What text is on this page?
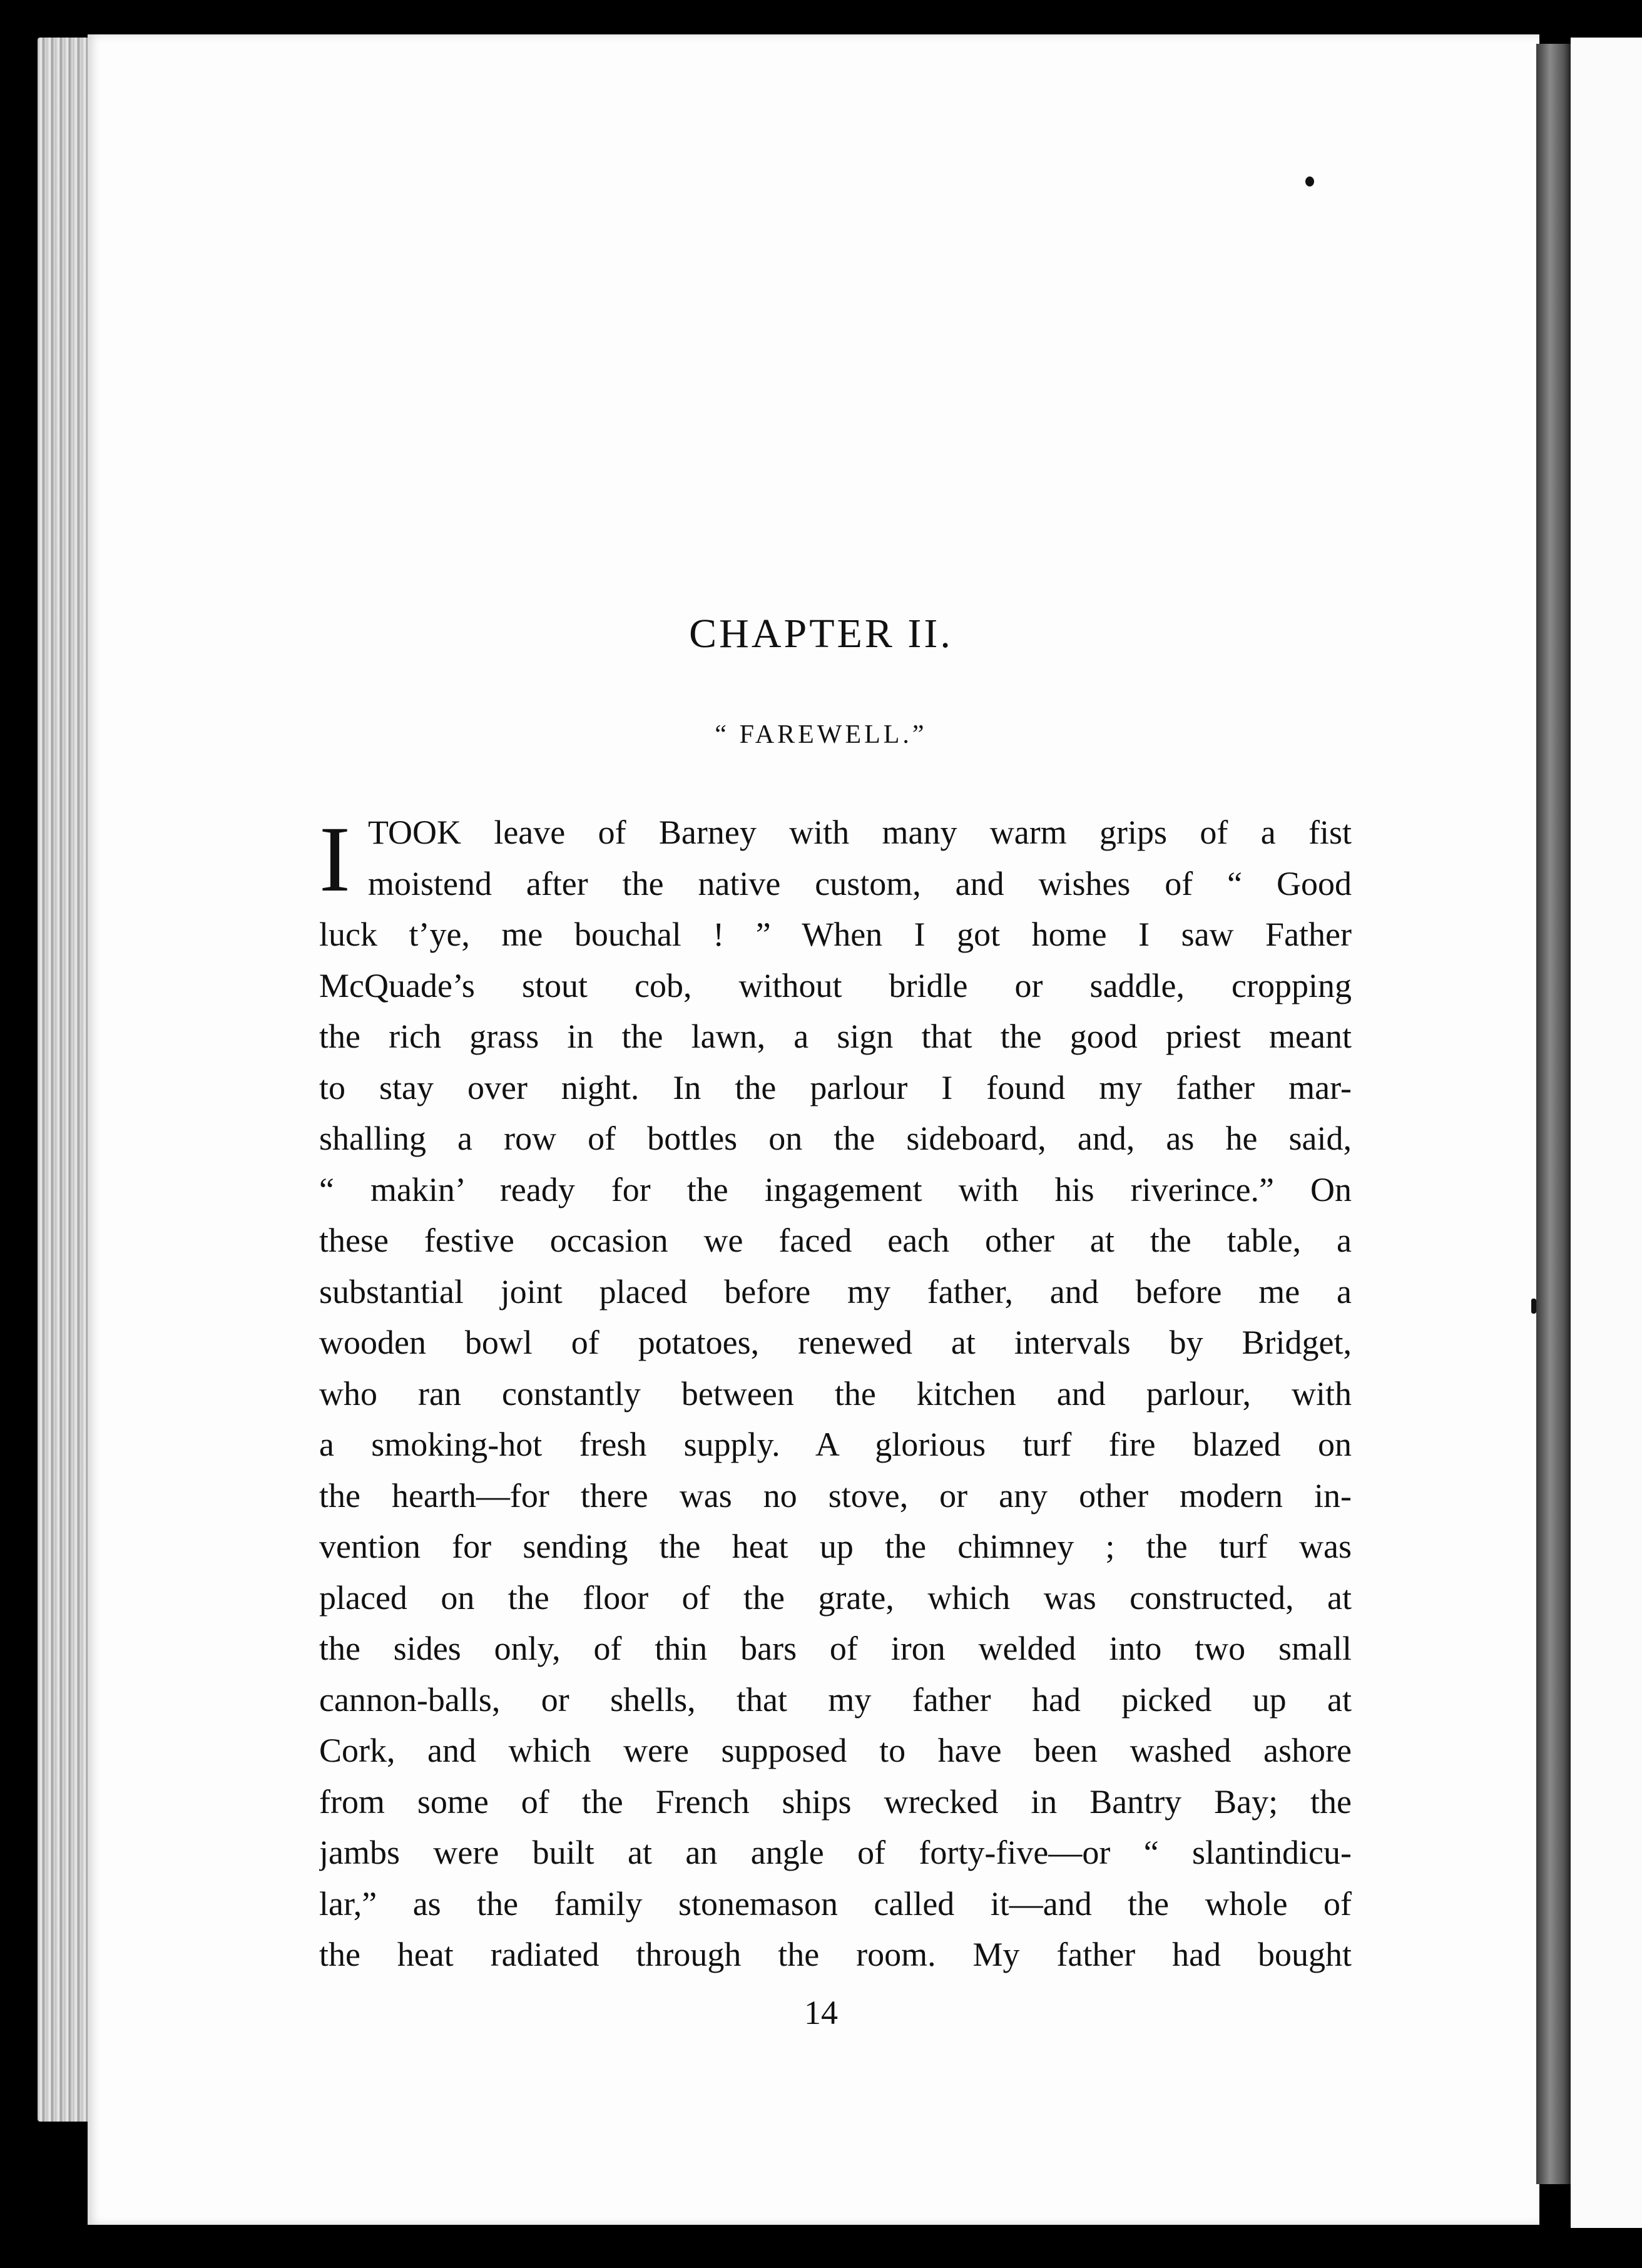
CHAPTER II.
“ FAREWELL.”
I TOOK leave of Barney with many warm grips of a fist
moistend after the native custom, and wishes of “ Good
luck t’ye, me bouchal ! ” When I got home I saw Father
McQuade’s stout cob, without bridle or saddle, cropping
the rich grass in the lawn, a sign that the good priest meant
to stay over night. In the parlour I found my father mar-
shalling a row of bottles on the sideboard, and, as he said,
“ makin’ ready for the ingagement with his riverince.” On
these festive occasion we faced each other at the table, a
substantial joint placed before my father, and before me a
wooden bowl of potatoes, renewed at intervals by Bridget,
who ran constantly between the kitchen and parlour, with
a smoking-hot fresh supply. A glorious turf fire blazed on
the hearth—for there was no stove, or any other modern in-
vention for sending the heat up the chimney ; the turf was
placed on the floor of the grate, which was constructed, at
the sides only, of thin bars of iron welded into two small
cannon-balls, or shells, that my father had picked up at
Cork, and which were supposed to have been washed ashore
from some of the French ships wrecked in Bantry Bay; the
jambs were built at an angle of forty-five—or “ slantindicu-
lar,” as the family stonemason called it—and the whole of
the heat radiated through the room. My father had bought
14
